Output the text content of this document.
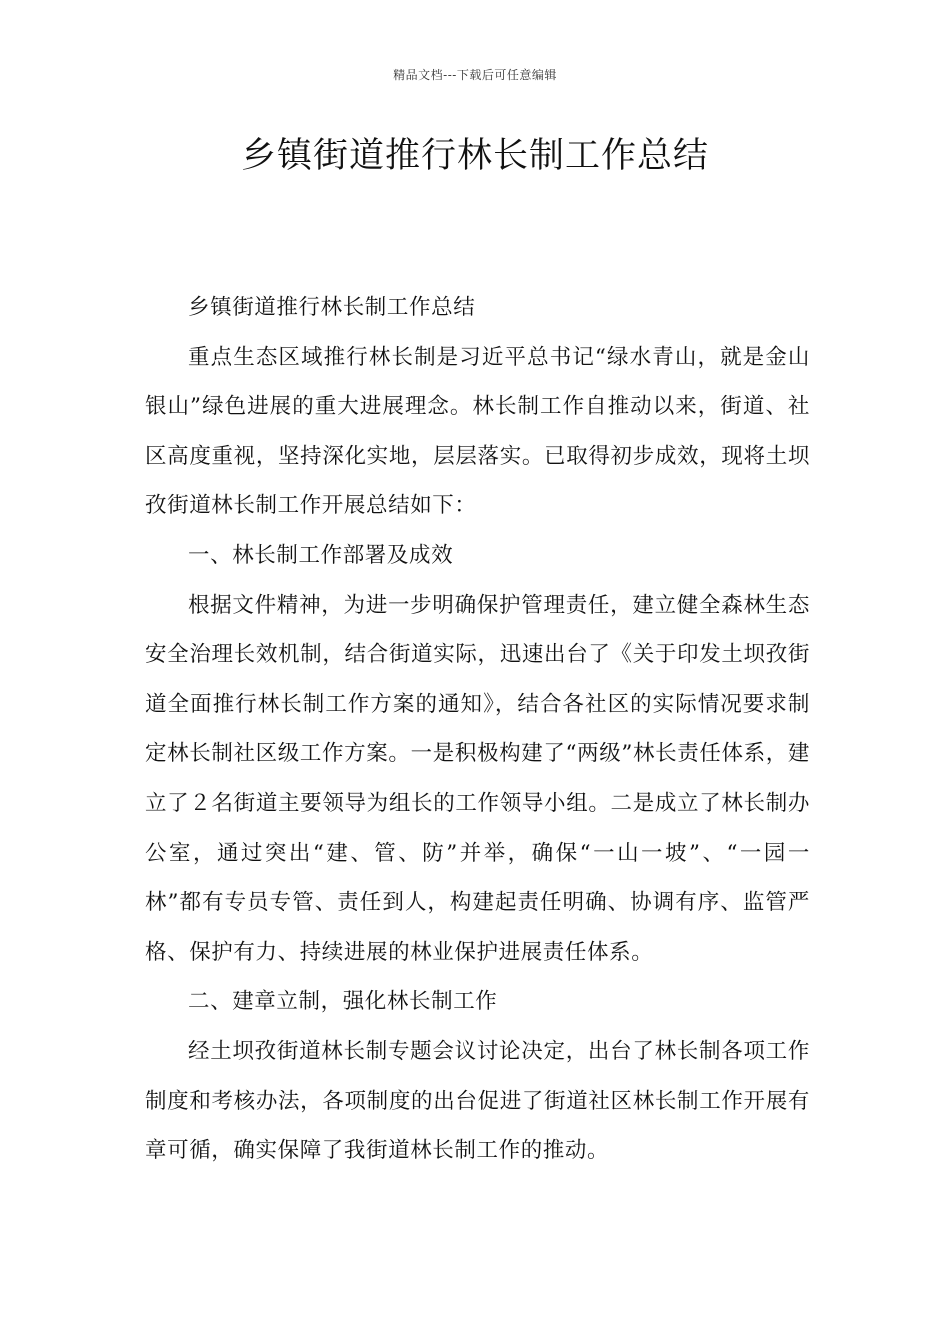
精品文档---下载后可任意编辑
乡镇街道推行林长制工作总结

乡镇街道推行林长制工作总结

重点生态区域推行林长制是习近平总书记“绿水青山，就是金山银山”绿色进展的重大进展理念。林长制工作自推动以来，街道、社区高度重视，坚持深化实地，层层落实。已取得初步成效，现将土坝孜街道林长制工作开展总结如下：

一、林长制工作部署及成效

根据文件精神，为进一步明确保护管理责任，建立健全森林生态安全治理长效机制，结合街道实际，迅速出台了《关于印发土坝孜街道全面推行林长制工作方案的通知》，结合各社区的实际情况要求制定林长制社区级工作方案。一是积极构建了“两级”林长责任体系，建立了２名街道主要领导为组长的工作领导小组。二是成立了林长制办公室，通过突出“建、管、防”并举，确保“一山一坡”、“一园一林”都有专员专管、责任到人，构建起责任明确、协调有序、监管严格、保护有力、持续进展的林业保护进展责任体系。

二、建章立制，强化林长制工作

经土坝孜街道林长制专题会议讨论决定，出台了林长制各项工作制度和考核办法，各项制度的出台促进了街道社区林长制工作开展有章可循，确实保障了我街道林长制工作的推动。
